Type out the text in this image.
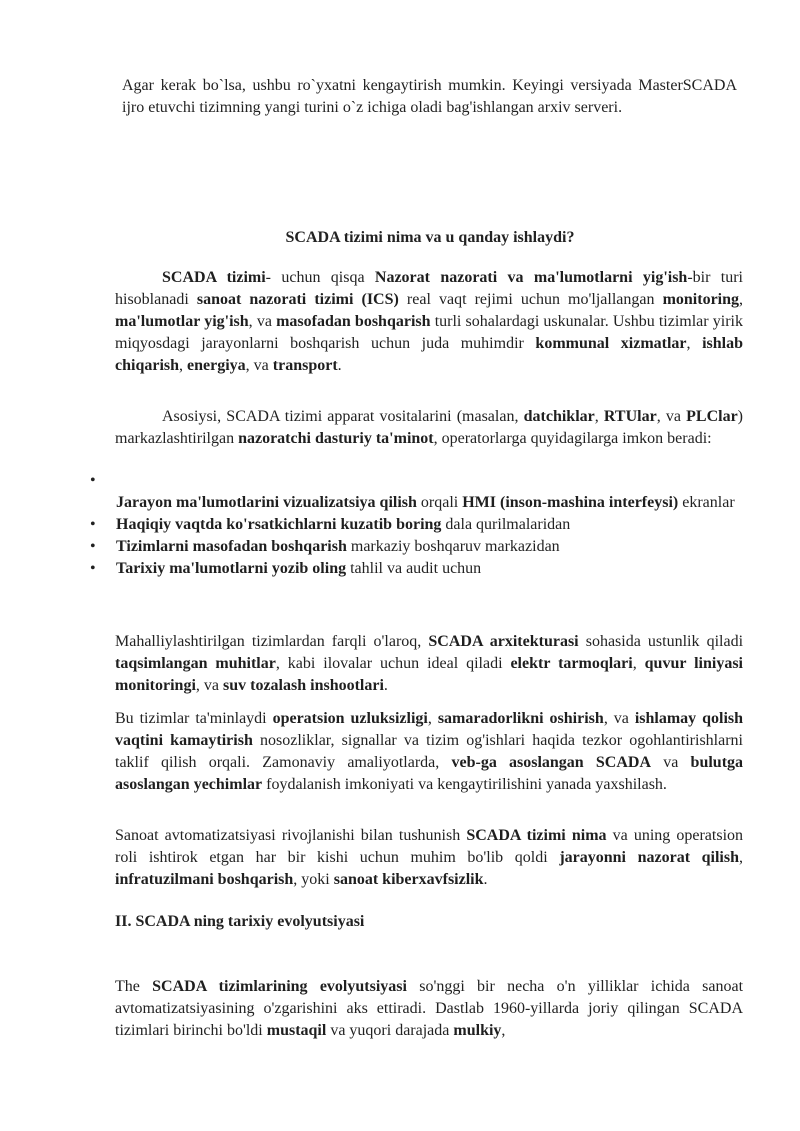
Agar kerak bo`lsa, ushbu ro`yxatni kengaytirish mumkin. Keyingi versiyada MasterSCADA ijro etuvchi tizimning yangi turini o`z ichiga oladi bag'ishlangan arxiv serveri.

SCADA tizimi nima va u qanday ishlaydi?

SCADA tizimi- uchun qisqa Nazorat nazorati va ma'lumotlarni yig'ish-bir turi hisoblanadi sanoat nazorati tizimi (ICS) real vaqt rejimi uchun mo'ljallangan monitoring, ma'lumotlar yig'ish, va masofadan boshqarish turli sohalardagi uskunalar. Ushbu tizimlar yirik miqyosdagi jarayonlarni boshqarish uchun juda muhimdir kommunal xizmatlar, ishlab chiqarish, energiya, va transport.

Asosiysi, SCADA tizimi apparat vositalarini (masalan, datchiklar, RTUlar, va PLClar) markazlashtirilgan nazoratchi dasturiy ta'minot, operatorlarga quyidagilarga imkon beradi:

•
Jarayon ma'lumotlarini vizualizatsiya qilish orqali HMI (inson-mashina interfeysi) ekranlar
• Haqiqiy vaqtda ko'rsatkichlarni kuzatib boring dala qurilmalaridan
• Tizimlarni masofadan boshqarish markaziy boshqaruv markazidan
• Tarixiy ma'lumotlarni yozib oling tahlil va audit uchun

Mahalliylashtirilgan tizimlardan farqli o'laroq, SCADA arxitekturasi sohasida ustunlik qiladi taqsimlangan muhitlar, kabi ilovalar uchun ideal qiladi elektr tarmoqlari, quvur liniyasi monitoringi, va suv tozalash inshootlari.

Bu tizimlar ta'minlaydi operatsion uzluksizligi, samaradorlikni oshirish, va ishlamay qolish vaqtini kamaytirish nosozliklar, signallar va tizim og'ishlari haqida tezkor ogohlantirishlarni taklif qilish orqali. Zamonaviy amaliyotlarda, veb-ga asoslangan SCADA va bulutga asoslangan yechimlar foydalanish imkoniyati va kengaytirilishini yanada yaxshilash.

Sanoat avtomatizatsiyasi rivojlanishi bilan tushunish SCADA tizimi nima va uning operatsion roli ishtirok etgan har bir kishi uchun muhim bo'lib qoldi jarayonni nazorat qilish, infratuzilmani boshqarish, yoki sanoat kiberxavfsizlik.

II. SCADA ning tarixiy evolyutsiyasi

The SCADA tizimlarining evolyutsiyasi so'nggi bir necha o'n yilliklar ichida sanoat avtomatizatsiyasining o'zgarishini aks ettiradi. Dastlab 1960-yillarda joriy qilingan SCADA tizimlari birinchi bo'ldi mustaqil va yuqori darajada mulkiy,
